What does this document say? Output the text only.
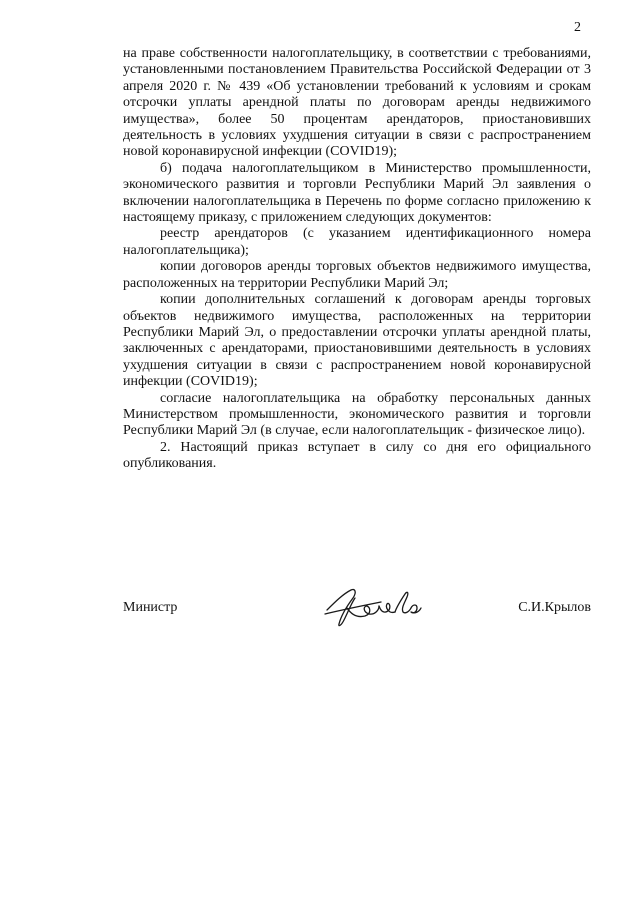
2

на праве собственности налогоплательщику, в соответствии с требованиями, установленными постановлением Правительства Российской Федерации от 3 апреля 2020 г. № 439 «Об установлении требований к условиям и срокам отсрочки уплаты арендной платы по договорам аренды недвижимого имущества», более 50 процентам арендаторов, приостановивших деятельность в условиях ухудшения ситуации в связи с распространением новой коронавирусной инфекции (COVID19);

б) подача налогоплательщиком в Министерство промышленности, экономического развития и торговли Республики Марий Эл заявления о включении налогоплательщика в Перечень по форме согласно приложению к настоящему приказу, с приложением следующих документов:

реестр арендаторов (с указанием идентификационного номера налогоплательщика);

копии договоров аренды торговых объектов недвижимого имущества, расположенных на территории Республики Марий Эл;

копии дополнительных соглашений к договорам аренды торговых объектов недвижимого имущества, расположенных на территории Республики Марий Эл, о предоставлении отсрочки уплаты арендной платы, заключенных с арендаторами, приостановившими деятельность в условиях ухудшения ситуации в связи с распространением новой коронавирусной инфекции (COVID19);

согласие налогоплательщика на обработку персональных данных Министерством промышленности, экономического развития и торговли Республики Марий Эл (в случае, если налогоплательщик - физическое лицо).

2. Настоящий приказ вступает в силу со дня его официального опубликования.

Министр	С.И.Крылов
